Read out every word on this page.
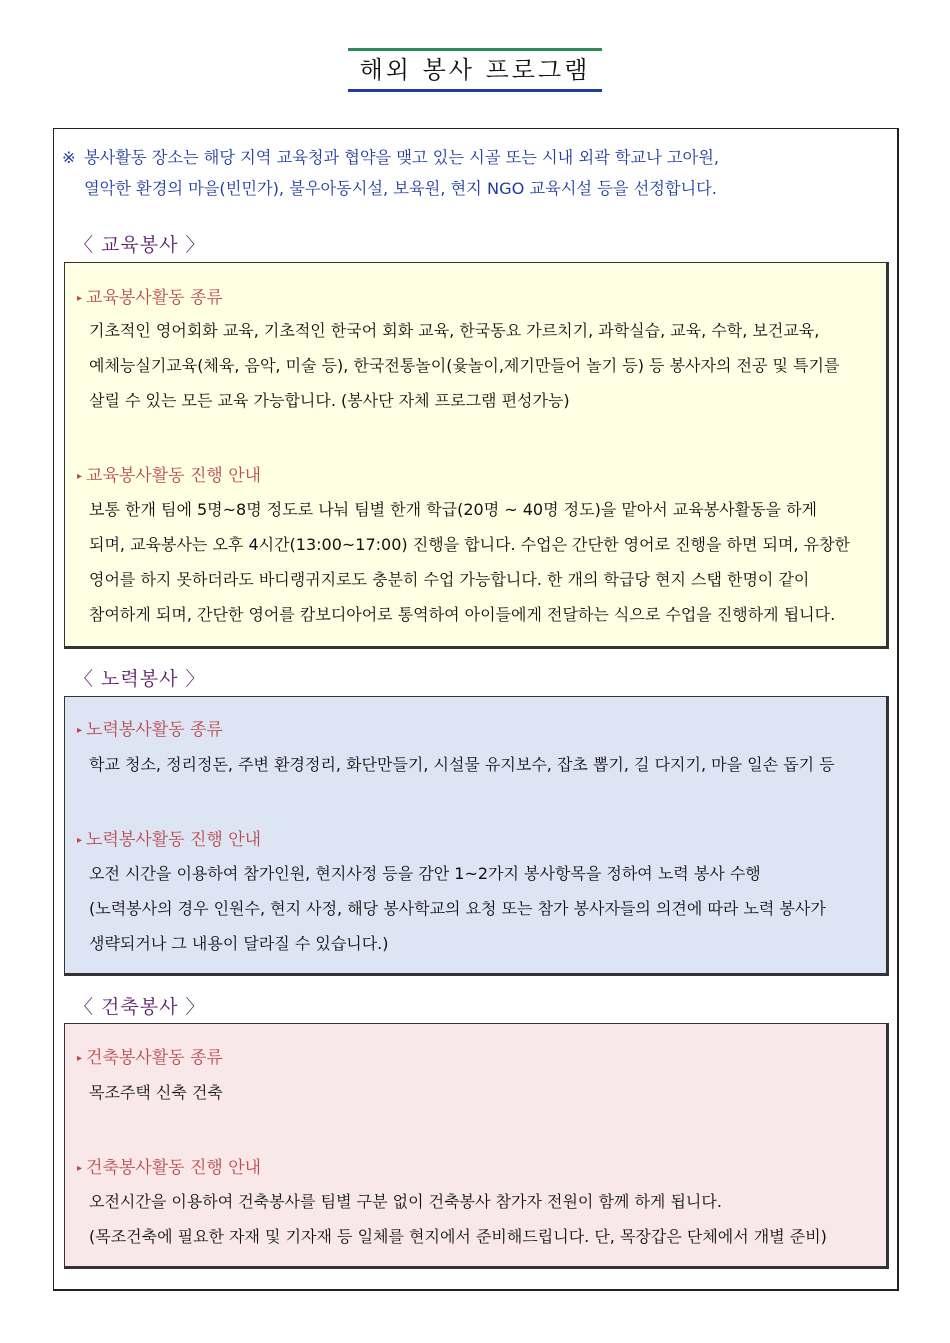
해외 봉사 프로그램
※ 봉사활동 장소는 해당 지역 교육청과 협약을 맺고 있는 시골 또는 시내 외곽 학교나 고아원,
열악한 환경의 마을(빈민가), 불우아동시설, 보육원, 현지 NGO 교육시설 등을 선정합니다.
〈 교육봉사 〉
▸ 교육봉사활동 종류
기초적인 영어회화 교육, 기초적인 한국어 회화 교육, 한국동요 가르치기, 과학실습, 교육, 수학, 보건교육,
예체능실기교육(체육, 음악, 미술 등), 한국전통놀이(윷놀이,제기만들어 놀기 등) 등 봉사자의 전공 및 특기를
살릴 수 있는 모든 교육 가능합니다. (봉사단 자체 프로그램 편성가능)
▸ 교육봉사활동 진행 안내
보통 한개 팀에 5명~8명 정도로 나눠 팀별 한개 학급(20명 ~ 40명 정도)을 맡아서 교육봉사활동을 하게
되며, 교육봉사는 오후 4시간(13:00~17:00) 진행을 합니다. 수업은 간단한 영어로 진행을 하면 되며, 유창한
영어를 하지 못하더라도 바디랭귀지로도 충분히 수업 가능합니다. 한 개의 학급당 현지 스탭 한명이 같이
참여하게 되며, 간단한 영어를 캄보디아어로 통역하여 아이들에게 전달하는 식으로 수업을 진행하게 됩니다.
〈 노력봉사 〉
▸ 노력봉사활동 종류
학교 청소, 정리정돈, 주변 환경정리, 화단만들기, 시설물 유지보수, 잡초 뽑기, 길 다지기, 마을 일손 돕기 등
▸ 노력봉사활동 진행 안내
오전 시간을 이용하여 참가인원, 현지사정 등을 감안 1~2가지 봉사항목을 정하여 노력 봉사 수행
(노력봉사의 경우 인원수, 현지 사정, 해당 봉사학교의 요청 또는 참가 봉사자들의 의견에 따라 노력 봉사가
생략되거나 그 내용이 달라질 수 있습니다.)
〈 건축봉사 〉
▸ 건축봉사활동 종류
목조주택 신축 건축
▸ 건축봉사활동 진행 안내
오전시간을 이용하여 건축봉사를 팀별 구분 없이 건축봉사 참가자 전원이 함께 하게 됩니다.
(목조건축에 필요한 자재 및 기자재 등 일체를 현지에서 준비해드립니다. 단, 목장갑은 단체에서 개별 준비)
